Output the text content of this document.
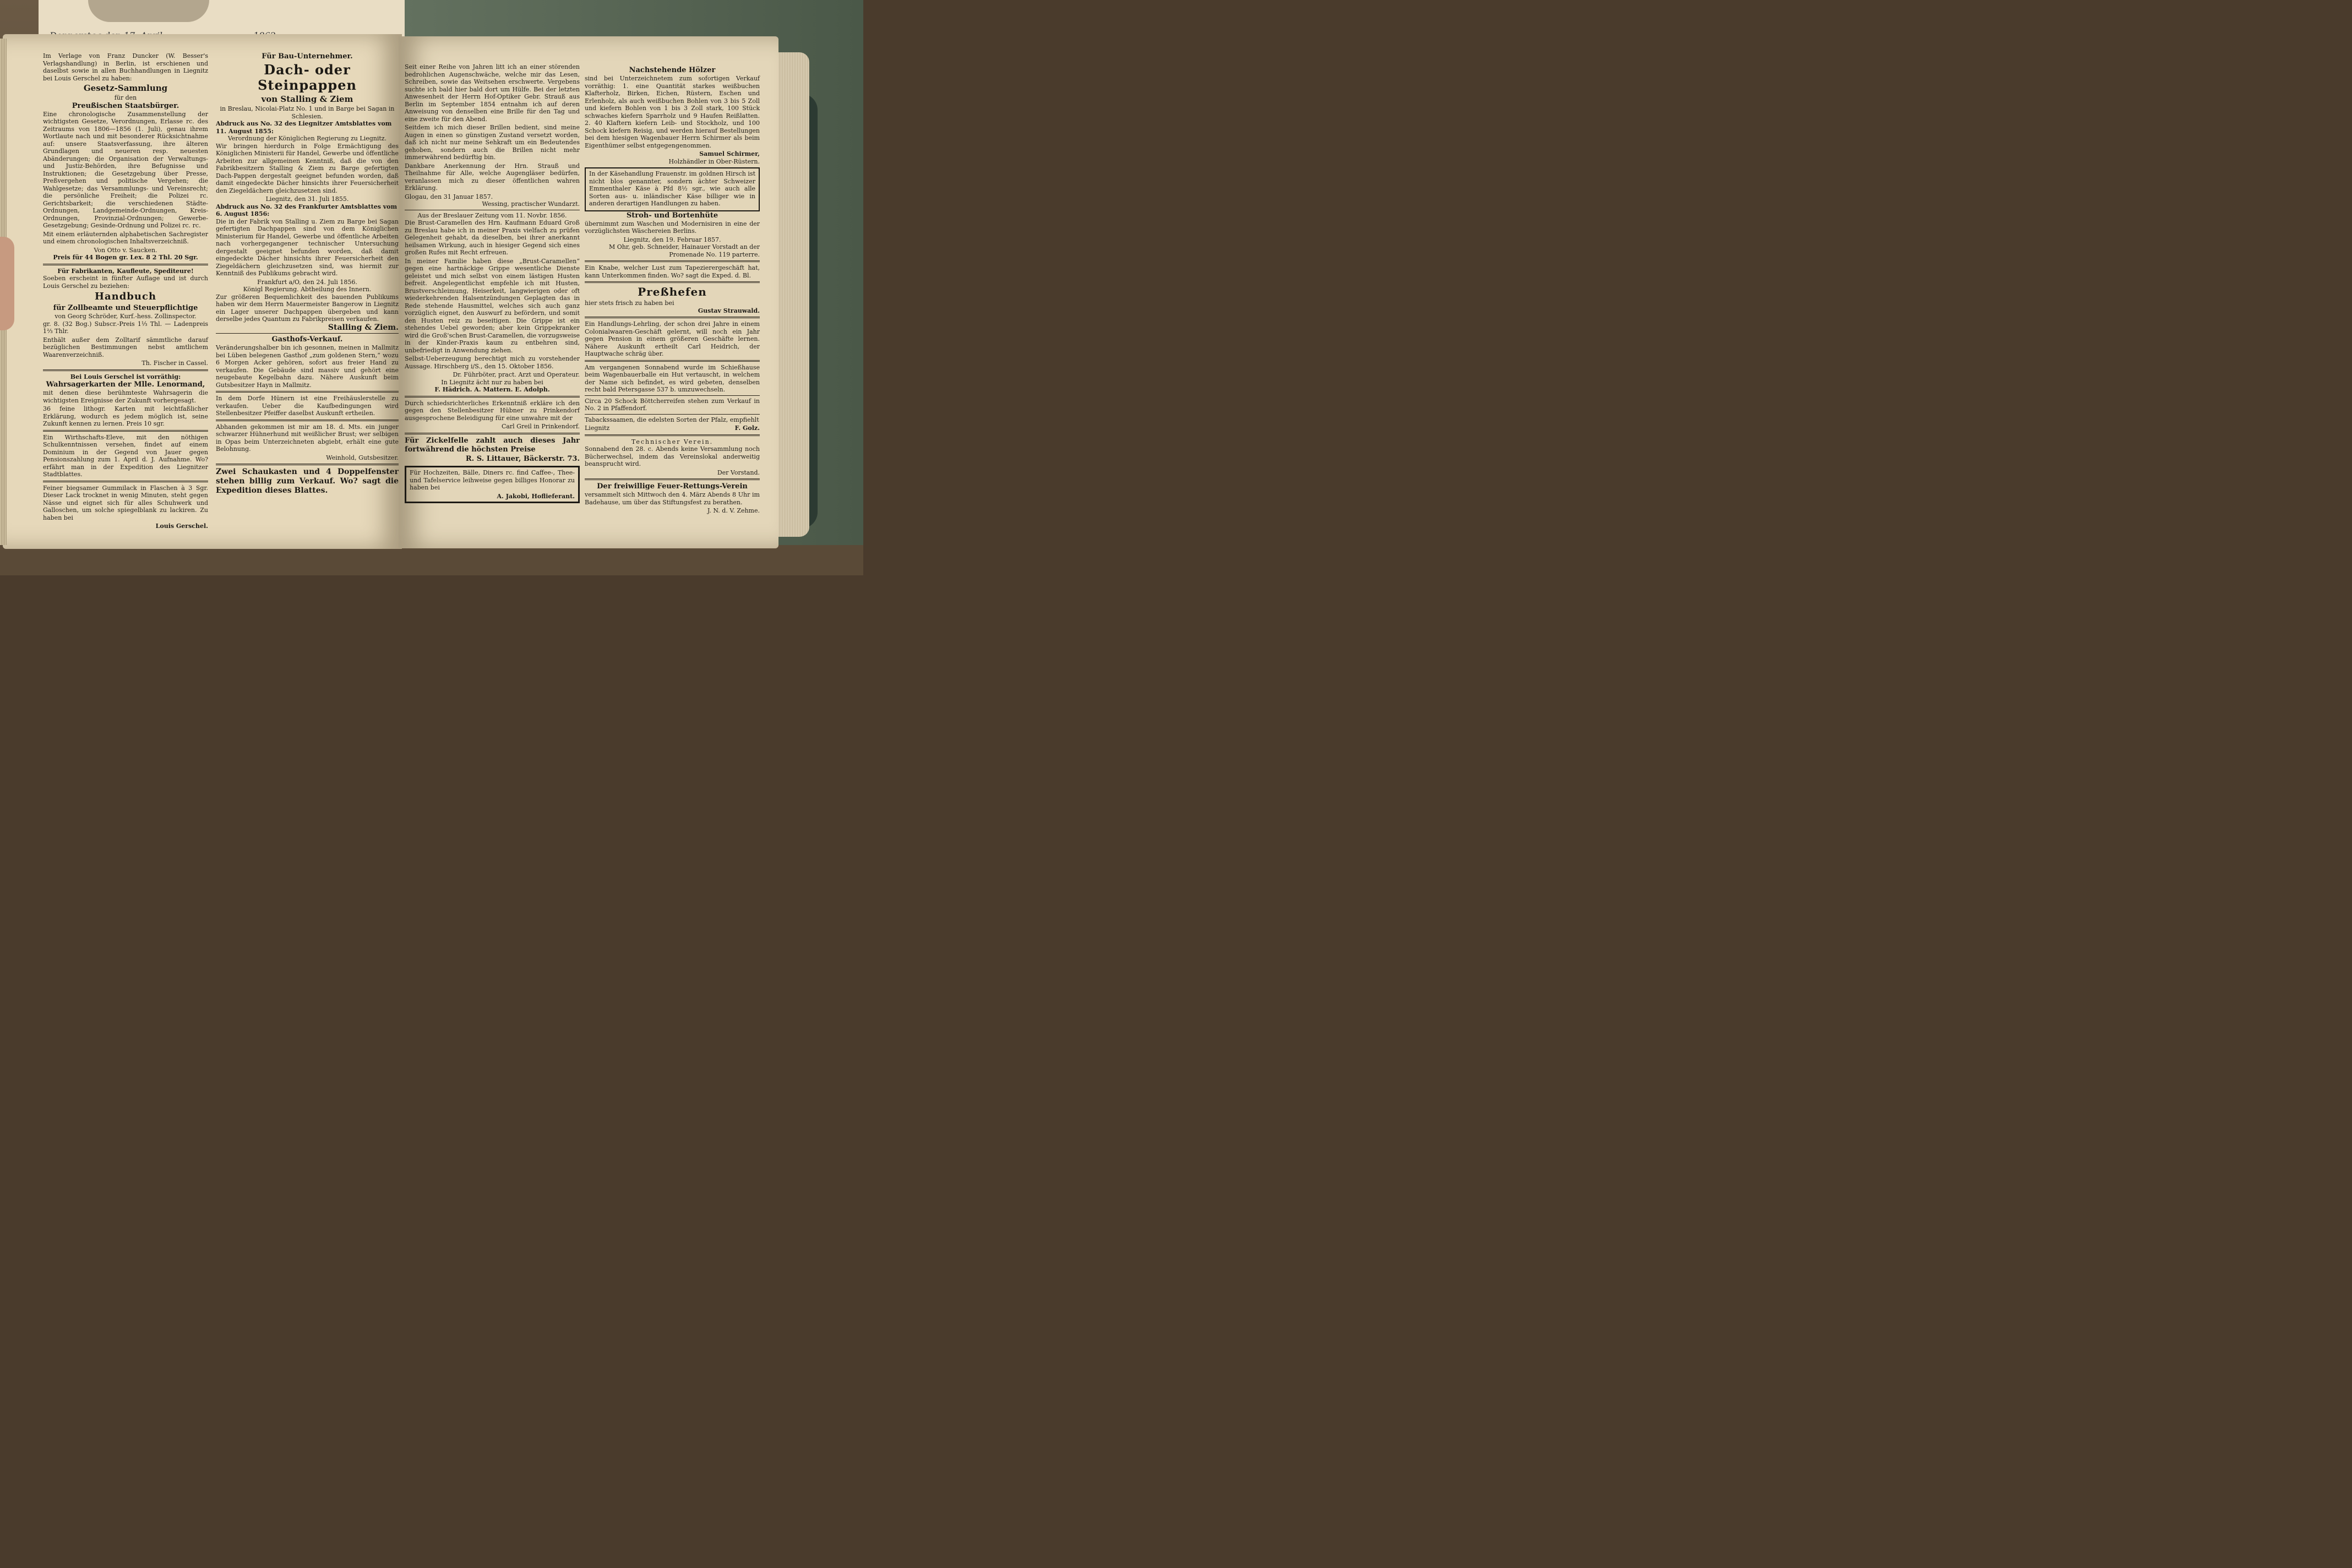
Im Verlage von Franz Duncker (W. Besser's Verlagshandlung) in Berlin, ist erschienen und daselbst sowie in allen Buchhandlungen in Liegnitz bei Louis Gerschel zu haben:

Gesetz-Sammlung
für den
Preußischen Staatsbürger.

Eine chronologische Zusammenstellung der wichtigsten Gesetze, Verordnungen, Erlasse rc. des Zeitraums von 1806—1856 (1. Juli), genau ihrem Wortlaute nach und mit besonderer Rücksichtnahme auf: unsere Staatsverfassung, ihre älteren Grundlagen und neueren resp. neuesten Abänderungen; die Organisation der Verwaltungs- und Justiz-Behörden, ihre Befugnisse und Instruktionen; die Gesetzgebung über Presse, Preßvergehen und politische Vergehen; die Wahlgesetze; das Versammlungs- und Vereinsrecht; die persönliche Freiheit; die Polizei rc. Gerichtsbarkeit; die verschiedenen Städte-Ordnungen, Landgemeinde-Ordnungen, Kreis-Ordnungen, Provinzial-Ordnungen; Gewerbe-Gesetzgebung; Gesinde-Ordnung und Polizei rc. rc.

Mit einem erläuternden alphabetischen Sachregister und einem chronologischen Inhaltsverzeichniß.

Von Otto v. Saucken.
Preis für 44 Bogen gr. Lex. 8 2 Thl. 20 Sgr.
Für Fabrikanten, Kaufleute, Spediteure!

Soeben erscheint in fünfter Auflage und ist durch Louis Gerschel zu beziehen:

Handbuch
für Zollbeamte und Steuerpflichtige
von Georg Schröder, Kurf.-hess. Zollinspector.

gr. 8. (32 Bog.) Subscr.-Preis 1⅓ Thl. — Ladenpreis 1⅔ Thlr.

Enthält außer dem Zolltarif sämmtliche darauf bezüglichen Bestimmungen nebst amtlichem Waarenverzeichniß.

Th. Fischer in Cassel.
Bei Louis Gerschel ist vorräthig:
Wahrsagerkarten der Mlle. Lenormand,

mit denen diese berühmteste Wahrsagerin die wichtigsten Ereignisse der Zukunft vorhergesagt.

36 feine lithogr. Karten mit leichtfaßlicher Erklärung, wodurch es jedem möglich ist, seine Zukunft kennen zu lernen. Preis 10 sgr.

Ein Wirthschafts-Eleve, mit den nöthigen Schulkenntnissen versehen, findet auf einem Dominium in der Gegend von Jauer gegen Pensionszahlung zum 1. April d. J. Aufnahme. Wo? erfährt man in der Expedition des Liegnitzer Stadtblattes.

Feiner biegsamer Gummilack in Flaschen à 3 Sgr. Dieser Lack trocknet in wenig Minuten, steht gegen Nässe und eignet sich für alles Schuhwerk und Galloschen, um solche spiegelblank zu lackiren. Zu haben bei

Louis Gerschel.
Für Bau-Unternehmer.
Dach- oder Steinpappen
von Stalling & Ziem
in Breslau, Nicolai-Platz No. 1 und in Barge bei Sagan in Schlesien.
Abdruck aus No. 32 des Liegnitzer Amtsblattes vom 11. August 1855:
Verordnung der Königlichen Regierung zu Liegnitz.

Wir bringen hierdurch in Folge Ermächtigung des Königlichen Ministerii für Handel, Gewerbe und öffentliche Arbeiten zur allgemeinen Kenntniß, daß die von den Fabrikbesitzern Stalling & Ziem zu Barge gefertigten Dach-Pappen dergestalt geeignet befunden worden, daß damit eingedeckte Dächer hinsichts ihrer Feuersicherheit den Ziegeldächern gleichzusetzen sind.

Liegnitz, den 31. Juli 1855.
Abdruck aus No. 32 des Frankfurter Amtsblattes vom 6. August 1856:

Die in der Fabrik von Stalling u. Ziem zu Barge bei Sagan gefertigten Dachpappen sind von dem Königlichen Ministerium für Handel, Gewerbe und öffentliche Arbeiten nach vorhergegangener technischer Untersuchung dergestalt geeignet befunden worden, daß damit eingedeckte Dächer hinsichts ihrer Feuersicherheit den Ziegeldächern gleichzusetzen sind, was hiermit zur Kenntniß des Publikums gebracht wird.

Frankfurt a/O, den 24. Juli 1856.
Königl Regierung. Abtheilung des Innern.

Zur größeren Bequemlichkeit des bauenden Publikums haben wir dem Herrn Mauermeister Bangerow in Liegnitz ein Lager unserer Dachpappen übergeben und kann derselbe jedes Quantum zu Fabrikpreisen verkaufen.

Stalling & Ziem.
Gasthofs-Verkauf.

Veränderungshalber bin ich gesonnen, meinen in Mallmitz bei Lüben belegenen Gasthof „zum goldenen Stern,“ wozu 6 Morgen Acker gehören, sofort aus freier Hand zu verkaufen. Die Gebäude sind massiv und gehört eine neugebaute Kegelbahn dazu. Nähere Auskunft beim Gutsbesitzer Hayn in Mallmitz.

In dem Dorfe Hünern ist eine Freihäuslerstelle zu verkaufen. Ueber die Kaufbedingungen wird Stellenbesitzer Pfeiffer daselbst Auskunft ertheilen.

Abhanden gekommen ist mir am 18. d. Mts. ein junger schwarzer Hühnerhund mit weißlicher Brust; wer selbigen in Opas beim Unterzeichneten abgiebt, erhält eine gute Belohnung.

Weinhold, Gutsbesitzer.

Zwei Schaukasten und 4 Doppelfenster stehen billig zum Verkauf. Wo? sagt die Expedition dieses Blattes.

Seit einer Reihe von Jahren litt ich an einer störenden bedrohlichen Augenschwäche, welche mir das Lesen, Schreiben, sowie das Weitsehen erschwerte. Vergebens suchte ich bald hier bald dort um Hülfe. Bei der letzten Anwesenheit der Herrn Hof-Optiker Gebr. Strauß aus Berlin im September 1854 entnahm ich auf deren Anweisung von denselben eine Brille für den Tag und eine zweite für den Abend.

Seitdem ich mich dieser Brillen bedient, sind meine Augen in einen so günstigen Zustand versetzt worden, daß ich nicht nur meine Sehkraft um ein Bedeutendes gehoben, sondern auch die Brillen nicht mehr immerwährend bedürftig bin.

Dankbare Anerkennung der Hrn. Strauß und Theilnahme für Alle, welche Augengläser bedürfen, veranlassen mich zu dieser öffentlichen wahren Erklärung.

Glogau, den 31 Januar 1857.
Wessing, practischer Wundarzt.
Aus der Breslauer Zeitung vom 11. Novbr. 1856.

Die Brust-Caramellen des Hrn. Kaufmann Eduard Groß zu Breslau habe ich in meiner Praxis vielfach zu prüfen Gelegenheit gehabt, da dieselben, bei ihrer anerkannt heilsamen Wirkung, auch in hiesiger Gegend sich eines großen Rufes mit Recht erfreuen.

In meiner Familie haben diese „Brust-Caramellen“ gegen eine hartnäckige Grippe wesentliche Dienste geleistet und mich selbst von einem lästigen Husten befreit. Angelegentlichst empfehle ich mit Husten, Brustverschleimung, Heiserkeit, langwierigen oder oft wiederkehrenden Halsentzündungen Geplagten das in Rede stehende Hausmittel, welches sich auch ganz vorzüglich eignet, den Auswurf zu befördern, und somit den Husten reiz zu beseitigen. Die Grippe ist ein stehendes Uebel geworden; aber kein Grippekranker wird die Groß'schen Brust-Caramellen, die vorzugsweise in der Kinder-Praxis kaum zu entbehren sind, unbefriedigt in Anwendung ziehen.

Selbst-Ueberzeugung berechtigt mich zu vorstehender Aussage. Hirschberg i/S., den 15. Oktober 1856.

Dr. Führböter, pract. Arzt und Operateur.
In Liegnitz ächt nur zu haben bei
F. Hädrich. A. Mattern. E. Adolph.

Durch schiedsrichterliches Erkenntniß erkläre ich den gegen den Stellenbesitzer Hübner zu Prinkendorf ausgesprochene Beleidigung für eine unwahre mit der

Carl Greil in Prinkendorf.

Für Zickelfelle zahlt auch dieses Jahr fortwährend die höchsten Preise

R. S. Littauer, Bäckerstr. 73.

Für Hochzeiten, Bälle, Diners rc. find Caffee-, Thee- und Tafelservice leihweise gegen billiges Honorar zu haben bei

A. Jakobi, Hoflieferant.
Nachstehende Hölzer

sind bei Unterzeichnetem zum sofortigen Verkauf vorräthig: 1. eine Quantität starkes weißbuchen Klafterholz, Birken, Eichen, Rüstern, Eschen und Erlenholz, als auch weißbuchen Bohlen von 3 bis 5 Zoll und kiefern Bohlen von 1 bis 3 Zoll stark, 100 Stück schwaches kiefern Sparrholz und 9 Haufen Reißlatten. 2. 40 Klaftern kiefern Leib- und Stockholz, und 100 Schock kiefern Reisig, und werden hierauf Bestellungen bei dem hiesigen Wagenbauer Herrn Schirmer als beim Eigenthümer selbst entgegengenommen.

Samuel Schirmer,
Holzhändler in Ober-Rüstern.

In der Käsehandlung Frauenstr. im goldnen Hirsch ist nicht blos genannter, sondern ächter Schweizer Emmenthaler Käse à Pfd 8½ sgr., wie auch alle Sorten aus- u. inländischer Käse billiger wie in anderen derartigen Handlungen zu haben.

Stroh- und Bortenhüte

übernimmt zum Waschen und Modernisiren in eine der vorzüglichsten Wäschereien Berlins.

Liegnitz, den 19. Februar 1857.
M Ohr, geb. Schneider, Hainauer Vorstadt an der Promenade No. 119 parterre.

Ein Knabe, welcher Lust zum Tapezierergeschäft hat, kann Unterkommen finden. Wo? sagt die Exped. d. Bl.

Preßhefen
hier stets frisch zu haben bei
Gustav Strauwald.

Ein Handlungs-Lehrling, der schon drei Jahre in einem Colonialwaaren-Geschäft gelernt, will noch ein Jahr gegen Pension in einem größeren Geschäfte lernen. Nähere Auskunft ertheilt Carl Heidrich, der Hauptwache schräg über.

Am vergangenen Sonnabend wurde im Schießhause beim Wagenbauerballe ein Hut vertauscht, in welchem der Name sich befindet, es wird gebeten, denselben recht bald Petersgasse 537 b. umzuwechseln.

Circa 20 Schock Böttcherreifen stehen zum Verkauf in No. 2 in Pfaffendorf.

Tabackssaamen, die edelsten Sorten der Pfalz, empfiehlt

Liegnitz	F. Golz.
Technischer Verein.

Sonnabend den 28. c. Abends keine Versammlung noch Bücherwechsel, indem das Vereinslokal anderweitig beansprucht wird.

Der Vorstand.
Der freiwillige Feuer-Rettungs-Verein

versammelt sich Mittwoch den 4. März Abends 8 Uhr im Badehause, um über das Stiftungsfest zu berathen.

J. N. d. V. Zehme.
